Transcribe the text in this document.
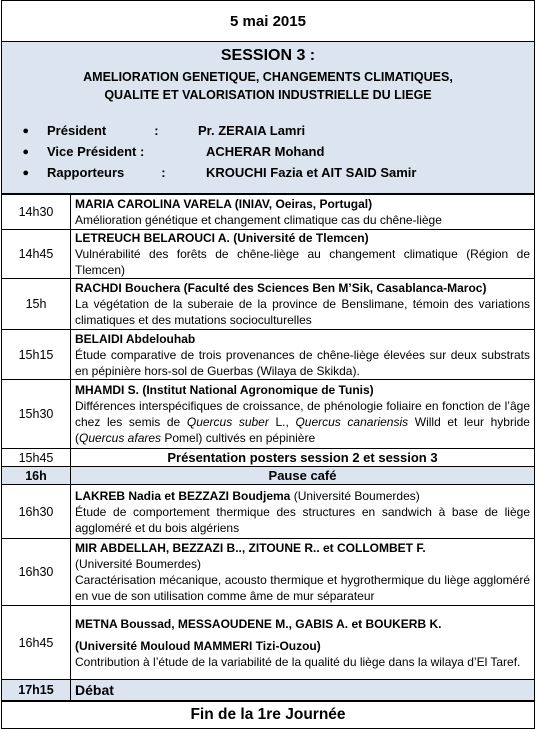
5 mai 2015
SESSION 3 :
AMELIORATION GENETIQUE, CHANGEMENTS CLIMATIQUES,
QUALITE ET VALORISATION INDUSTRIELLE DU LIEGE
●	Président	:	Pr. ZERAIA Lamri
●	Vice Président :	ACHERAR Mohand
●	Rapporteurs	:	KROUCHI Fazia et AIT SAID Samir
14h30	MARIA CAROLINA VARELA (INIAV, Oeiras, Portugal)
Amélioration génétique et changement climatique cas du chêne-liège

14h45	LETREUCH BELAROUCI A. (Université de Tlemcen)
Vulnérabilité des forêts de chêne-liège au changement climatique (Région de Tlemcen)

15h	RACHDI Bouchera (Faculté des Sciences Ben M’Sik, Casablanca-Maroc)
La végétation de la suberaie de la province de Benslimane, témoin des variations climatiques et des mutations socioculturelles

15h15	BELAIDI Abdelouhab
Étude comparative de trois provenances de chêne-liège élevées sur deux substrats en pépinière hors-sol de Guerbas (Wilaya de Skikda).

15h30	MHAMDI S. (Institut National Agronomique de Tunis)
Différences interspécifiques de croissance, de phénologie foliaire en fonction de l’âge chez les semis de Quercus suber L., Quercus canariensis Willd et leur hybride (Quercus afares Pomel) cultivés en pépinière

15h45	Présentation posters session 2 et session 3
16h	Pause café
16h30	LAKREB Nadia et BEZZAZI Boudjema (Université Boumerdes)
Étude de comportement thermique des structures en sandwich à base de liège aggloméré et du bois algériens

16h30	MIR ABDELLAH, BEZZAZI B.., ZITOUNE R.. et COLLOMBET F.
(Université Boumerdes)
Caractérisation mécanique, acousto thermique et hygrothermique du liège aggloméré en vue de son utilisation comme âme de mur séparateur

16h45	METNA Boussad, MESSAOUDENE M., GABIS A. et BOUKERB K.
(Université Mouloud MAMMERI Tizi-Ouzou)
Contribution à l’étude de la variabilité de la qualité du liège dans la wilaya d’El Taref.

17h15	Débat
Fin de la 1re Journée
